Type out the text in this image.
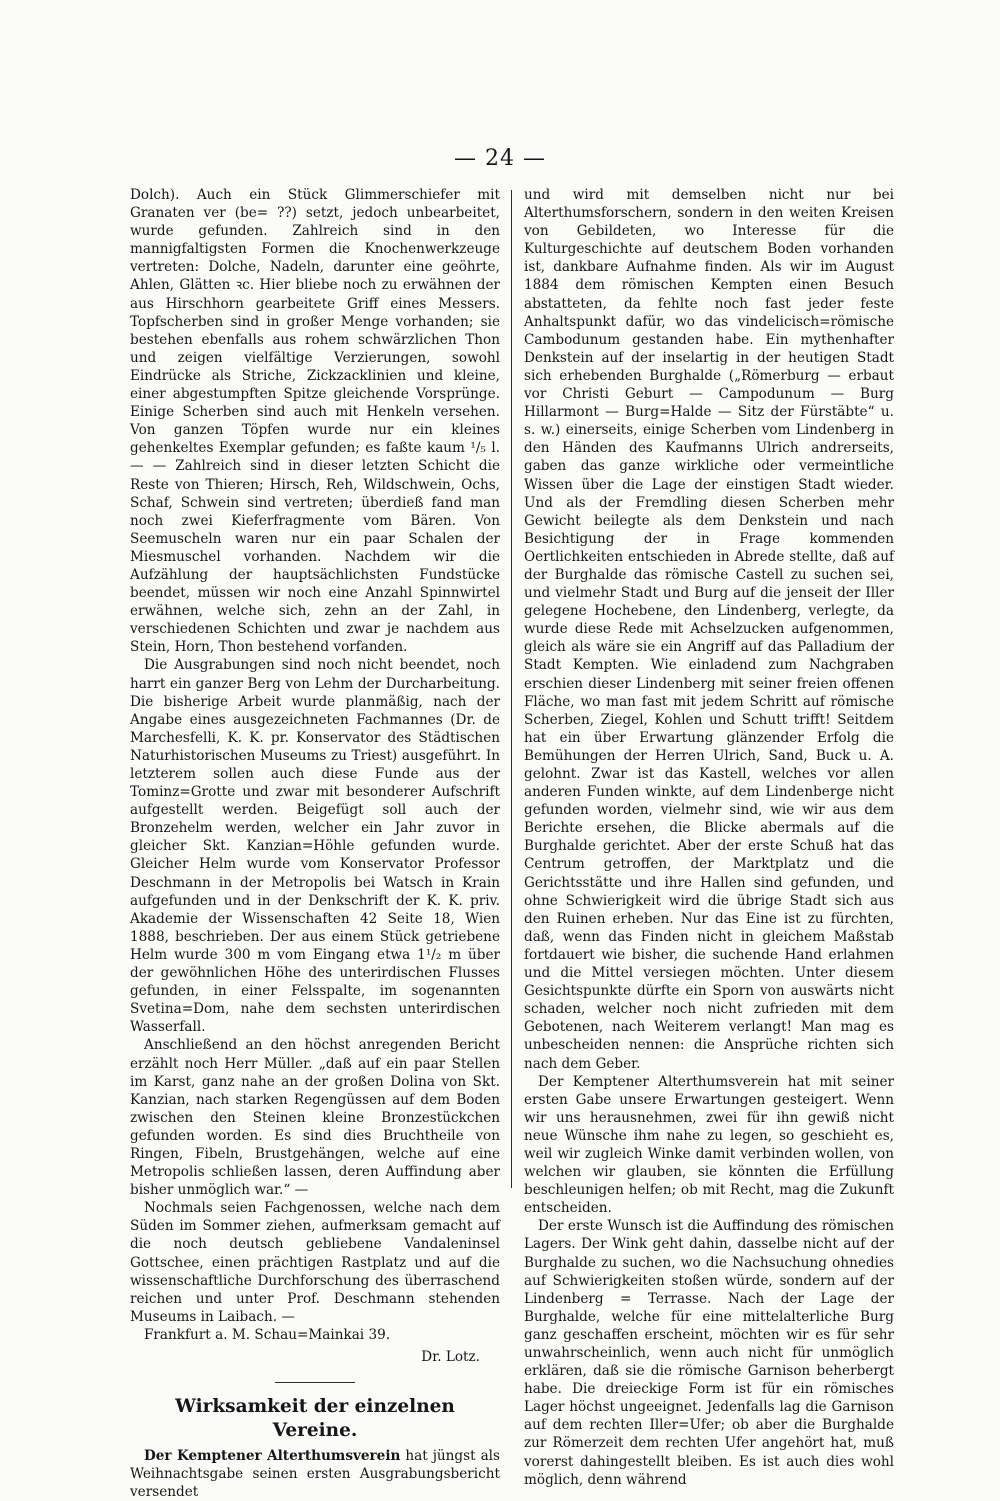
— 24 —

Dolch). Auch ein Stück Glimmerschiefer mit Granaten ver (be= ??) setzt, jedoch unbearbeitet, wurde gefunden. Zahlreich sind in den mannigfaltigsten Formen die Knochenwerkzeuge vertreten: Dolche, Nadeln, darunter eine geöhrte, Ahlen, Glätten ꝛc. Hier bliebe noch zu erwähnen der aus Hirschhorn gearbeitete Griff eines Messers. Topfscherben sind in großer Menge vorhanden; sie bestehen ebenfalls aus rohem schwärzlichen Thon und zeigen vielfältige Verzierungen, sowohl Eindrücke als Striche, Zickzacklinien und kleine, einer abgestumpften Spitze gleichende Vorsprünge. Einige Scherben sind auch mit Henkeln versehen. Von ganzen Töpfen wurde nur ein kleines gehenkeltes Exemplar gefunden; es faßte kaum ¹/₅ l. — — Zahlreich sind in dieser letzten Schicht die Reste von Thieren; Hirsch, Reh, Wildschwein, Ochs, Schaf, Schwein sind vertreten; überdieß fand man noch zwei Kieferfragmente vom Bären. Von Seemuscheln waren nur ein paar Schalen der Miesmuschel vorhanden. Nachdem wir die Aufzählung der hauptsächlichsten Fundstücke beendet, müssen wir noch eine Anzahl Spinnwirtel erwähnen, welche sich, zehn an der Zahl, in verschiedenen Schichten und zwar je nachdem aus Stein, Horn, Thon bestehend vorfanden.

Die Ausgrabungen sind noch nicht beendet, noch harrt ein ganzer Berg von Lehm der Durcharbeitung. Die bisherige Arbeit wurde planmäßig, nach der Angabe eines ausgezeichneten Fachmannes (Dr. de Marchesfelli, K. K. pr. Konservator des Städtischen Naturhistorischen Museums zu Triest) ausgeführt. In letzterem sollen auch diese Funde aus der Tominz=Grotte und zwar mit besonderer Aufschrift aufgestellt werden. Beigefügt soll auch der Bronzehelm werden, welcher ein Jahr zuvor in gleicher Skt. Kanzian=Höhle gefunden wurde. Gleicher Helm wurde vom Konservator Professor Deschmann in der Metropolis bei Watsch in Krain aufgefunden und in der Denkschrift der K. K. priv. Akademie der Wissenschaften 42 Seite 18, Wien 1888, beschrieben. Der aus einem Stück getriebene Helm wurde 300 m vom Eingang etwa 1¹/₂ m über der gewöhnlichen Höhe des unterirdischen Flusses gefunden, in einer Felsspalte, im sogenannten Svetina=Dom, nahe dem sechsten unterirdischen Wasserfall.

Anschließend an den höchst anregenden Bericht erzählt noch Herr Müller. „daß auf ein paar Stellen im Karst, ganz nahe an der großen Dolina von Skt. Kanzian, nach starken Regengüssen auf dem Boden zwischen den Steinen kleine Bronzestückchen gefunden worden. Es sind dies Bruchtheile von Ringen, Fibeln, Brustgehängen, welche auf eine Metropolis schließen lassen, deren Auffindung aber bisher unmöglich war.“ —

Nochmals seien Fachgenossen, welche nach dem Süden im Sommer ziehen, aufmerksam gemacht auf die noch deutsch gebliebene Vandaleninsel Gottschee, einen prächtigen Rastplatz und auf die wissenschaftliche Durchforschung des überraschend reichen und unter Prof. Deschmann stehenden Museums in Laibach. —

Frankfurt a. M. Schau=Mainkai 39.

Dr. Lotz.
Wirksamkeit der einzelnen Vereine.

Der Kemptener Alterthumsverein hat jüngst als Weihnachtsgabe seinen ersten Ausgrabungsbericht versendet

und wird mit demselben nicht nur bei Alterthumsforschern, sondern in den weiten Kreisen von Gebildeten, wo Interesse für die Kulturgeschichte auf deutschem Boden vorhanden ist, dankbare Aufnahme finden. Als wir im August 1884 dem römischen Kempten einen Besuch abstatteten, da fehlte noch fast jeder feste Anhaltspunkt dafür, wo das vindelicisch=römische Cambodunum gestanden habe. Ein mythenhafter Denkstein auf der inselartig in der heutigen Stadt sich erhebenden Burghalde („Römerburg — erbaut vor Christi Geburt — Campodunum — Burg Hillarmont — Burg=Halde — Sitz der Fürstäbte“ u. s. w.) einerseits, einige Scherben vom Lindenberg in den Händen des Kaufmanns Ulrich andrerseits, gaben das ganze wirkliche oder vermeintliche Wissen über die Lage der einstigen Stadt wieder. Und als der Fremdling diesen Scherben mehr Gewicht beilegte als dem Denkstein und nach Besichtigung der in Frage kommenden Oertlichkeiten entschieden in Abrede stellte, daß auf der Burghalde das römische Castell zu suchen sei, und vielmehr Stadt und Burg auf die jenseit der Iller gelegene Hochebene, den Lindenberg, verlegte, da wurde diese Rede mit Achselzucken aufgenommen, gleich als wäre sie ein Angriff auf das Palladium der Stadt Kempten. Wie einladend zum Nachgraben erschien dieser Lindenberg mit seiner freien offenen Fläche, wo man fast mit jedem Schritt auf römische Scherben, Ziegel, Kohlen und Schutt trifft! Seitdem hat ein über Erwartung glänzender Erfolg die Bemühungen der Herren Ulrich, Sand, Buck u. A. gelohnt. Zwar ist das Kastell, welches vor allen anderen Funden winkte, auf dem Lindenberge nicht gefunden worden, vielmehr sind, wie wir aus dem Berichte ersehen, die Blicke abermals auf die Burghalde gerichtet. Aber der erste Schuß hat das Centrum getroffen, der Marktplatz und die Gerichtsstätte und ihre Hallen sind gefunden, und ohne Schwierigkeit wird die übrige Stadt sich aus den Ruinen erheben. Nur das Eine ist zu fürchten, daß, wenn das Finden nicht in gleichem Maßstab fortdauert wie bisher, die suchende Hand erlahmen und die Mittel versiegen möchten. Unter diesem Gesichtspunkte dürfte ein Sporn von auswärts nicht schaden, welcher noch nicht zufrieden mit dem Gebotenen, nach Weiterem verlangt! Man mag es unbescheiden nennen: die Ansprüche richten sich nach dem Geber.

Der Kemptener Alterthumsverein hat mit seiner ersten Gabe unsere Erwartungen gesteigert. Wenn wir uns herausnehmen, zwei für ihn gewiß nicht neue Wünsche ihm nahe zu legen, so geschieht es, weil wir zugleich Winke damit verbinden wollen, von welchen wir glauben, sie könnten die Erfüllung beschleunigen helfen; ob mit Recht, mag die Zukunft entscheiden.

Der erste Wunsch ist die Auffindung des römischen Lagers. Der Wink geht dahin, dasselbe nicht auf der Burghalde zu suchen, wo die Nachsuchung ohnedies auf Schwierigkeiten stoßen würde, sondern auf der Lindenberg = Terrasse. Nach der Lage der Burghalde, welche für eine mittelalterliche Burg ganz geschaffen erscheint, möchten wir es für sehr unwahrscheinlich, wenn auch nicht für unmöglich erklären, daß sie die römische Garnison beherbergt habe. Die dreieckige Form ist für ein römisches Lager höchst ungeeignet. Jedenfalls lag die Garnison auf dem rechten Iller=Ufer; ob aber die Burghalde zur Römerzeit dem rechten Ufer angehört hat, muß vorerst dahingestellt bleiben. Es ist auch dies wohl möglich, denn während
